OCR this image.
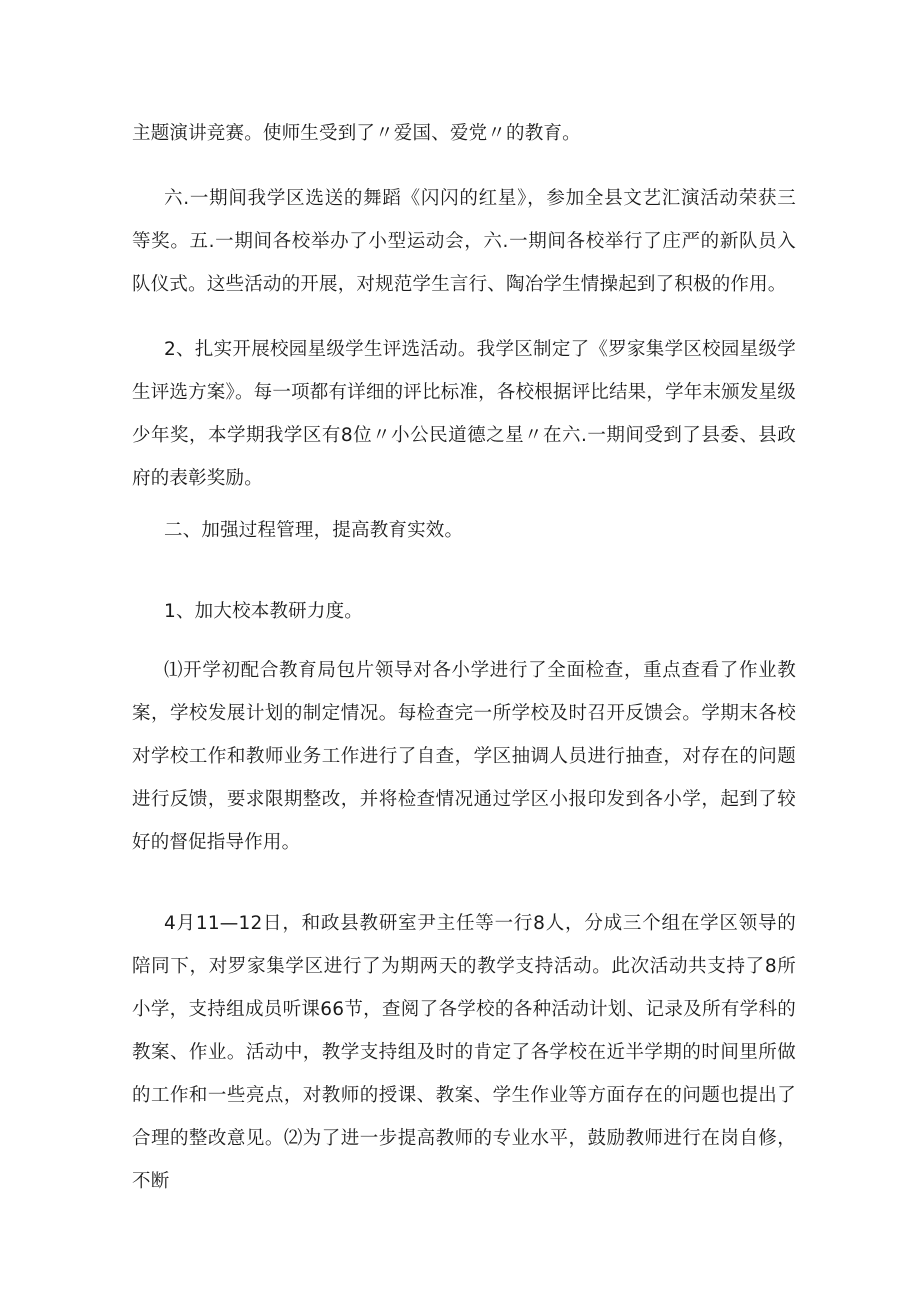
主题演讲竞赛。使师生受到了〃爱国、爱党〃的教育。

六.一期间我学区选送的舞蹈《闪闪的红星》，参加全县文艺汇演活动荣获三等奖。五.一期间各校举办了小型运动会，六.一期间各校举行了庄严的新队员入队仪式。这些活动的开展，对规范学生言行、陶冶学生情操起到了积极的作用。

2、扎实开展校园星级学生评选活动。我学区制定了《罗家集学区校园星级学生评选方案》。每一项都有详细的评比标准，各校根据评比结果，学年末颁发星级少年奖，本学期我学区有8位〃小公民道德之星〃在六.一期间受到了县委、县政府的表彰奖励。

二、加强过程管理，提高教育实效。

1、加大校本教研力度。

⑴开学初配合教育局包片领导对各小学进行了全面检查，重点查看了作业教案，学校发展计划的制定情况。每检查完一所学校及时召开反馈会。学期末各校对学校工作和教师业务工作进行了自查，学区抽调人员进行抽查，对存在的问题进行反馈，要求限期整改，并将检查情况通过学区小报印发到各小学，起到了较好的督促指导作用。

4月11—12日，和政县教研室尹主任等一行8人，分成三个组在学区领导的陪同下，对罗家集学区进行了为期两天的教学支持活动。此次活动共支持了8所小学，支持组成员听课66节，查阅了各学校的各种活动计划、记录及所有学科的教案、作业。活动中，教学支持组及时的肯定了各学校在近半学期的时间里所做的工作和一些亮点，对教师的授课、教案、学生作业等方面存在的问题也提出了合理的整改意见。⑵为了进一步提高教师的专业水平，鼓励教师进行在岗自修，不断
